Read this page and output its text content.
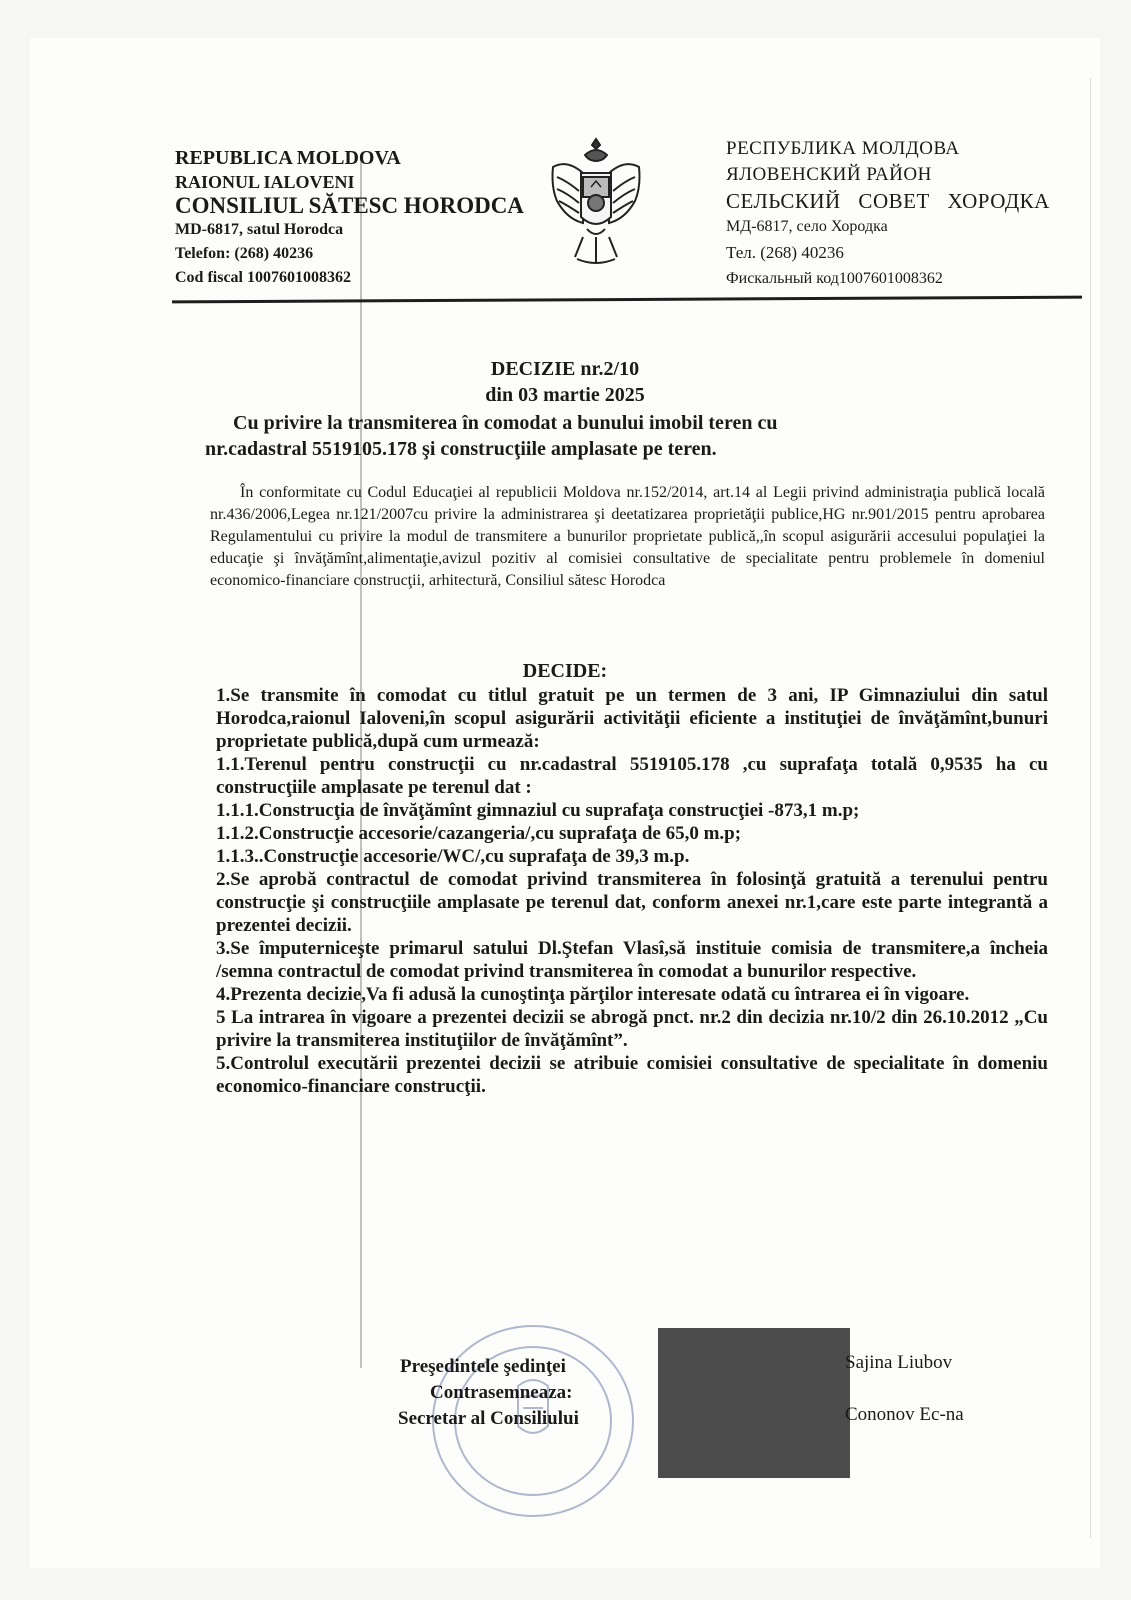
REPUBLICA MOLDOVA
RAIONUL IALOVENI
CONSILIUL SĂTESC HORODCA
MD-6817, satul Horodca
Telefon: (268) 40236
Cod fiscal 1007601008362
РЕСПУБЛИКА МОЛДОВА
ЯЛОВЕНСКИЙ РАЙОН
СЕЛЬСКИЙ СОВЕТ ХОРОДКА
МД-6817, село Хородка
Тел. (268) 40236
Фискальный код1007601008362
DECIZIE nr.2/10
din 03 martie 2025
Cu privire la transmiterea în comodat a bunului imobil teren cu
nr.cadastral 5519105.178 şi construcţiile amplasate pe teren.
În conformitate cu Codul Educaţiei al republicii Moldova nr.152/2014, art.14 al Legii privind administraţia publică locală nr.436/2006,Legea nr.121/2007cu privire la administrarea şi deetatizarea proprietăţii publice,HG nr.901/2015 pentru aprobarea Regulamentului cu privire la modul de transmitere a bunurilor proprietate publică,,în scopul asigurării accesului populaţiei la educaţie şi învăţămînt,alimentaţie,avizul pozitiv al comisiei consultative de specialitate pentru problemele în domeniul economico-financiare construcţii, arhitectură, Consiliul sătesc Horodca
DECIDE:

1.Se transmite în comodat cu titlul gratuit pe un termen de 3 ani, IP Gimnaziului din satul Horodca,raionul Ialoveni,în scopul asigurării activităţii eficiente a instituţiei de învăţămînt,bunuri proprietate publică,după cum urmează:

1.1.Terenul pentru construcţii cu nr.cadastral 5519105.178 ,cu suprafaţa totală 0,9535 ha cu construcţiile amplasate pe terenul dat :

1.1.1.Construcţia de învăţămînt gimnaziul cu suprafaţa construcţiei -873,1 m.p;

1.1.2.Construcţie accesorie/cazangeria/,cu suprafaţa de 65,0 m.p;

1.1.3..Construcţie accesorie/WC/,cu suprafaţa de 39,3 m.p.

2.Se aprobă contractul de comodat privind transmiterea în folosinţă gratuită a terenului pentru construcţie şi construcţiile amplasate pe terenul dat, conform anexei nr.1,care este parte integrantă a prezentei decizii.

3.Se împuterniceşte primarul satului Dl.Ştefan Vlasî,să instituie comisia de transmitere,a încheia /semna contractul de comodat privind transmiterea în comodat a bunurilor respective.

4.Prezenta decizie,Va fi adusă la cunoştinţa părţilor interesate odată cu întrarea ei în vigoare.

5 La intrarea în vigoare a prezentei decizii se abrogă pnct. nr.2 din decizia nr.10/2 din 26.10.2012 „Cu privire la transmiterea instituţiilor de învăţămînt”.

5.Controlul executării prezentei decizii se atribuie comisiei consultative de specialitate în domeniu economico-financiare construcţii.

Preşedintele şedinţei
Contrasemneaza:
Secretar al Consiliului
Sajina Liubov
Cononov Ec-na
